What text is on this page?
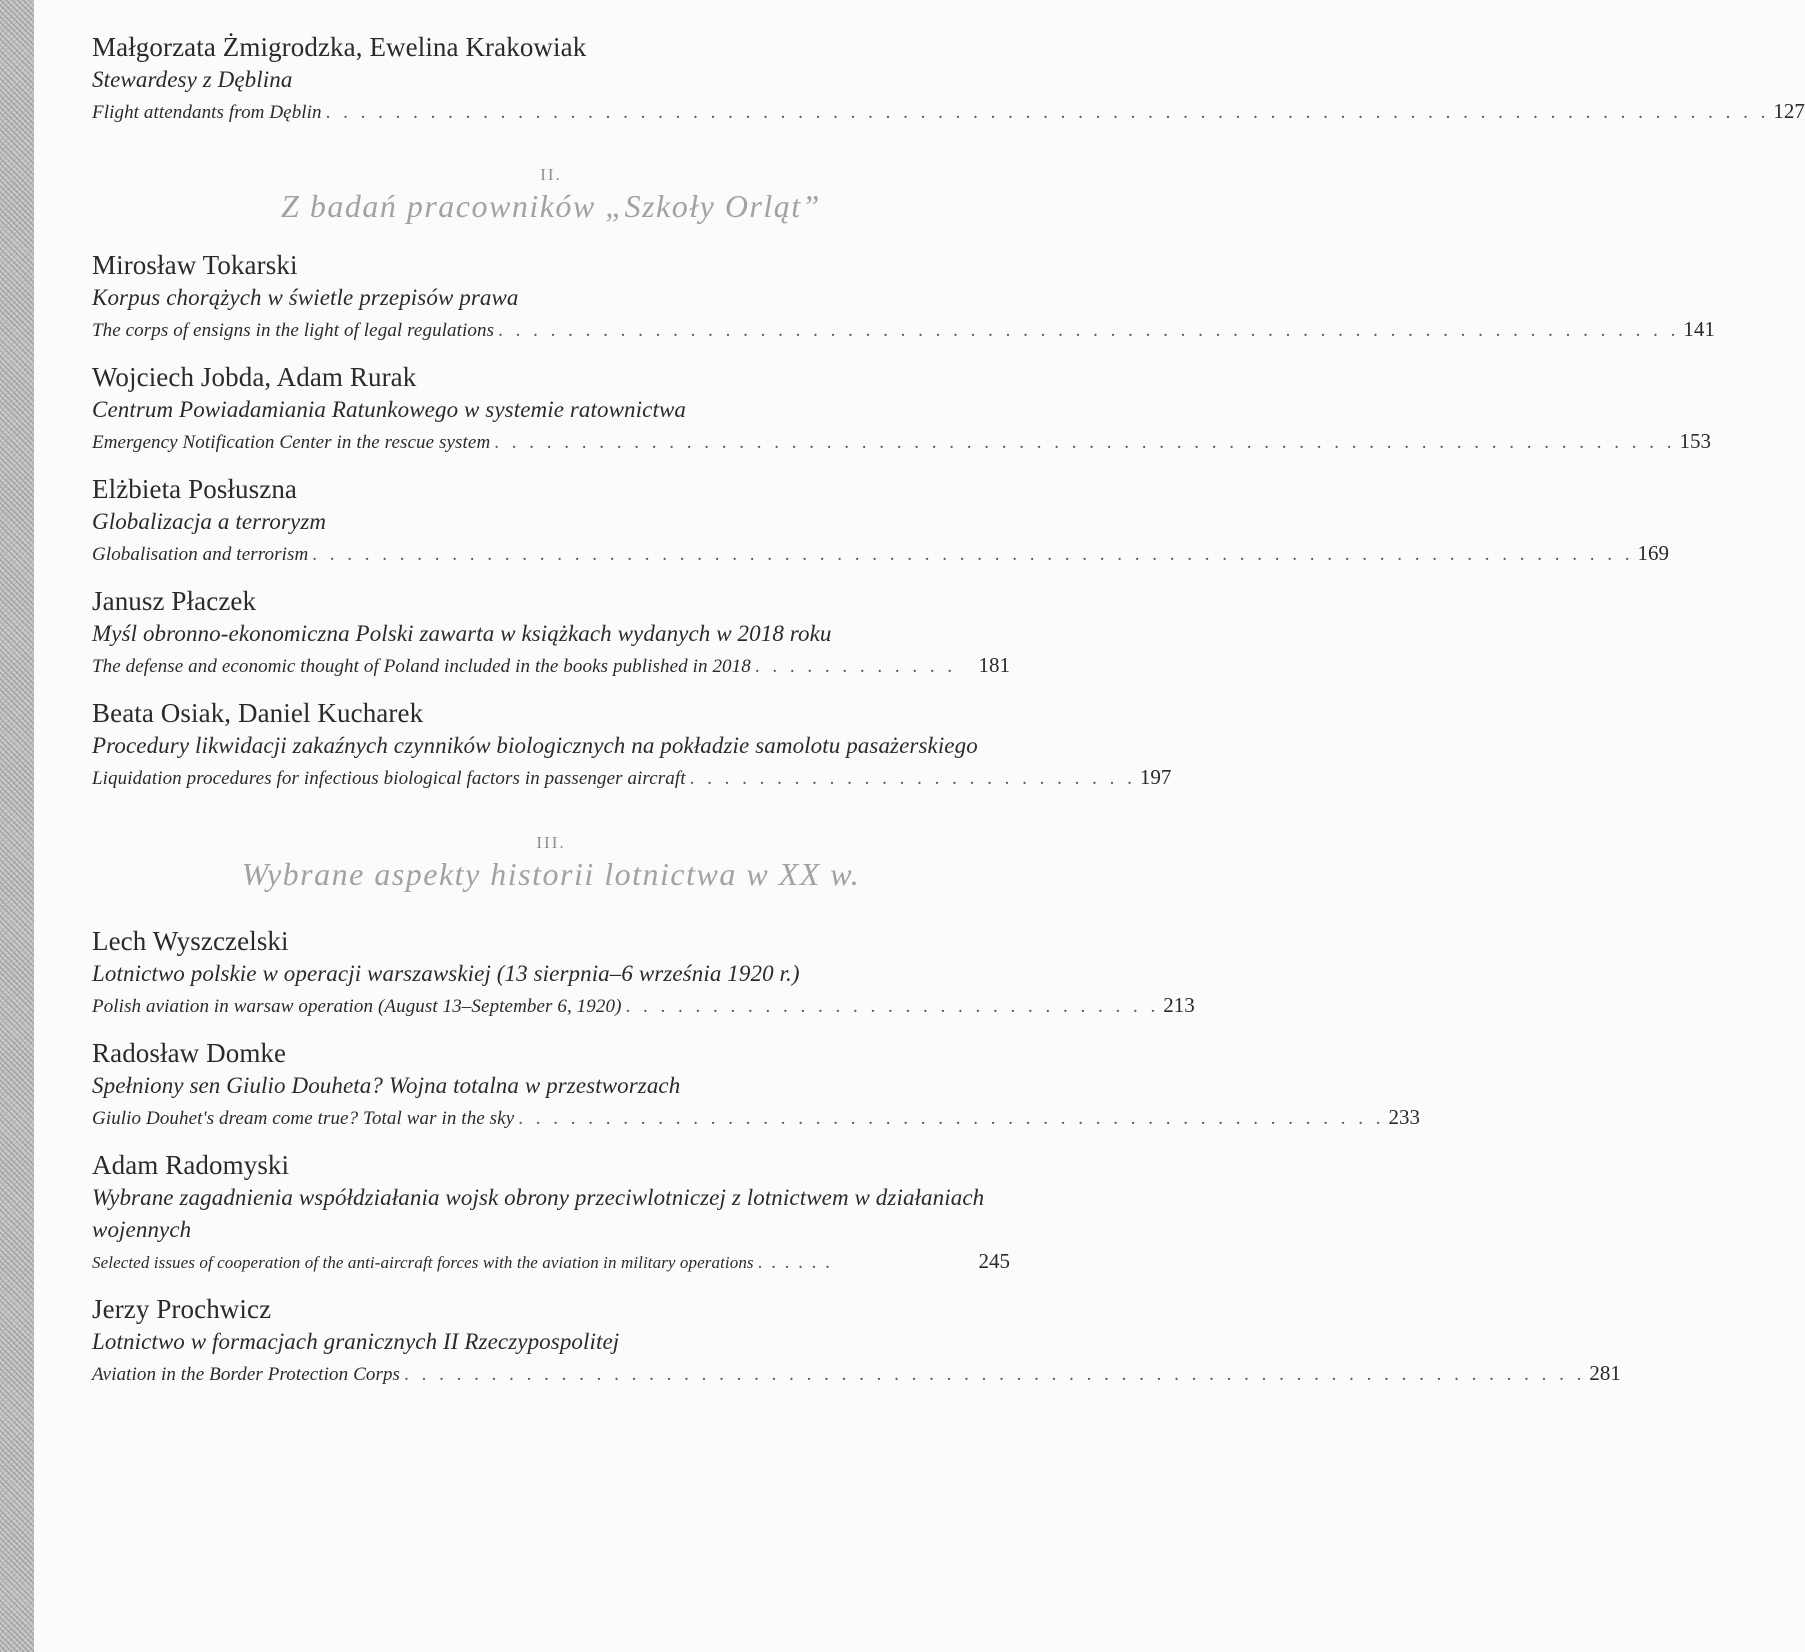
Małgorzata Żmigrodzka, Ewelina Krakowiak
Stewardesy z Dęblina
Flight attendants from Dęblin . . . . . . . . . . . . . . . . . . . . . . . . . . . . . . . . . . . . . . . . . . . . . . . . . . . . . . . . . . . . . . . . . . . . . . . . . . . . . . . . . . . 127
II.
Z badań pracowników „Szkoły Orląt”
Mirosław Tokarski
Korpus chorążych w świetle przepisów prawa
The corps of ensigns in the light of legal regulations . . . . . . . . . . . . . . . . . . . . . . . . . . . . . . . . . . . . . . . . . . . . . . . . . . . . . . . . . . . . . . . . . . . . 141
Wojciech Jobda, Adam Rurak
Centrum Powiadamiania Ratunkowego w systemie ratownictwa
Emergency Notification Center in the rescue system . . . . . . . . . . . . . . . . . . . . . . . . . . . . . . . . . . . . . . . . . . . . . . . . . . . . . . . . . . . . . . . . . . . . 153
Elżbieta Posłuszna
Globalizacja a terroryzm
Globalisation and terrorism . . . . . . . . . . . . . . . . . . . . . . . . . . . . . . . . . . . . . . . . . . . . . . . . . . . . . . . . . . . . . . . . . . . . . . . . . . . . 169
Janusz Płaczek
Myśl obronno-ekonomiczna Polski zawarta w książkach wydanych w 2018 roku
The defense and economic thought of Poland included in the books published in 2018 . . . . . . . . . . . .	181
Beata Osiak, Daniel Kucharek
Procedury likwidacji zakaźnych czynników biologicznych na pokładzie samolotu pasażerskiego
Liquidation procedures for infectious biological factors in passenger aircraft . . . . . . . . . . . . . . . . . . . . . . . . . . 197
III.
Wybrane aspekty historii lotnictwa w XX w.
Lech Wyszczelski
Lotnictwo polskie w operacji warszawskiej (13 sierpnia–6 września 1920 r.)
Polish aviation in warsaw operation (August 13–September 6, 1920) . . . . . . . . . . . . . . . . . . . . . . . . . . . . . . . 213
Radosław Domke
Spełniony sen Giulio Douheta? Wojna totalna w przestworzach
Giulio Douhet's dream come true? Total war in the sky . . . . . . . . . . . . . . . . . . . . . . . . . . . . . . . . . . . . . . . . . . . . . . . . . . 233
Adam Radomyski
Wybrane zagadnienia współdziałania wojsk obrony przeciwlotniczej z lotnictwem w działaniach wojennych
Selected issues of cooperation of the anti-aircraft forces with the aviation in military operations . . . . . .	245
Jerzy Prochwicz
Lotnictwo w formacjach granicznych II Rzeczypospolitej
Aviation in the Border Protection Corps . . . . . . . . . . . . . . . . . . . . . . . . . . . . . . . . . . . . . . . . . . . . . . . . . . . . . . . . . . . . . . . . . . . . 281
